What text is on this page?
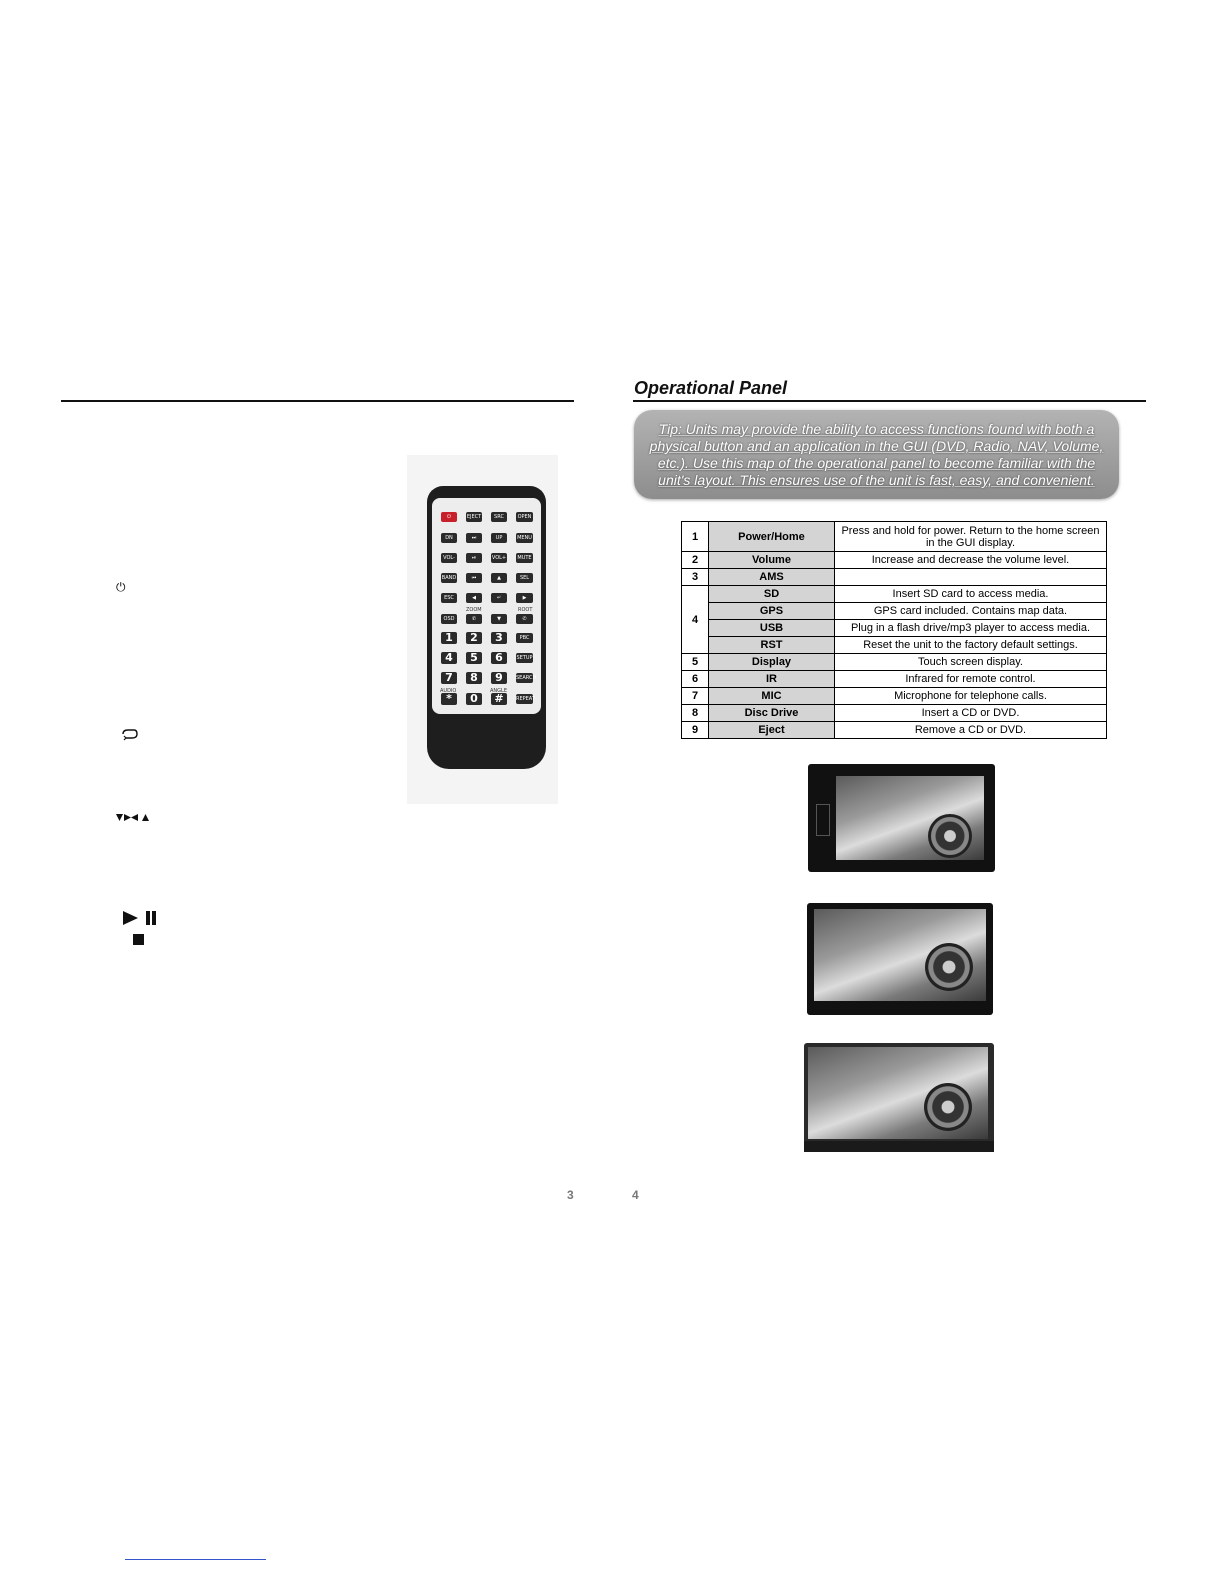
⏻
⏻	EJECT	SRC	OPEN
DN	⏭	UP	MENU
VOL-	⏯	VOL+ MUTE
BAND	⏮	▲	SEL
ESC	◀	↵	▶
OSD	✆	▼	✆
1	2	3	PBC
4	5	6	SETUP
7	8	9	SEARCH
*	0	#	REPEAT
ZOOM	ROOT
AUDIO	ANGLE
3
Operational Panel
Tip: Units may provide the ability to access functions found with both a physical button and an application in the GUI (DVD, Radio, NAV, Volume, etc.). Use this map of the operational panel to become familiar with the unit's layout. This ensures use of the unit is fast, easy, and convenient.
1	Power/Home	Press and hold for power. Return to the home screen in the GUI display.
2	Volume	Increase and decrease the volume level.
3	AMS	
4	SD	Insert SD card to access media.
	GPS	GPS card included. Contains map data.
	USB	Plug in a flash drive/mp3 player to access media.
	RST	Reset the unit to the factory default settings.
5	Display	Touch screen display.
6	IR	Infrared for remote control.
7	MIC	Microphone for telephone calls.
8	Disc Drive	Insert a CD or DVD.
9	Eject	Remove a CD or DVD.
4
